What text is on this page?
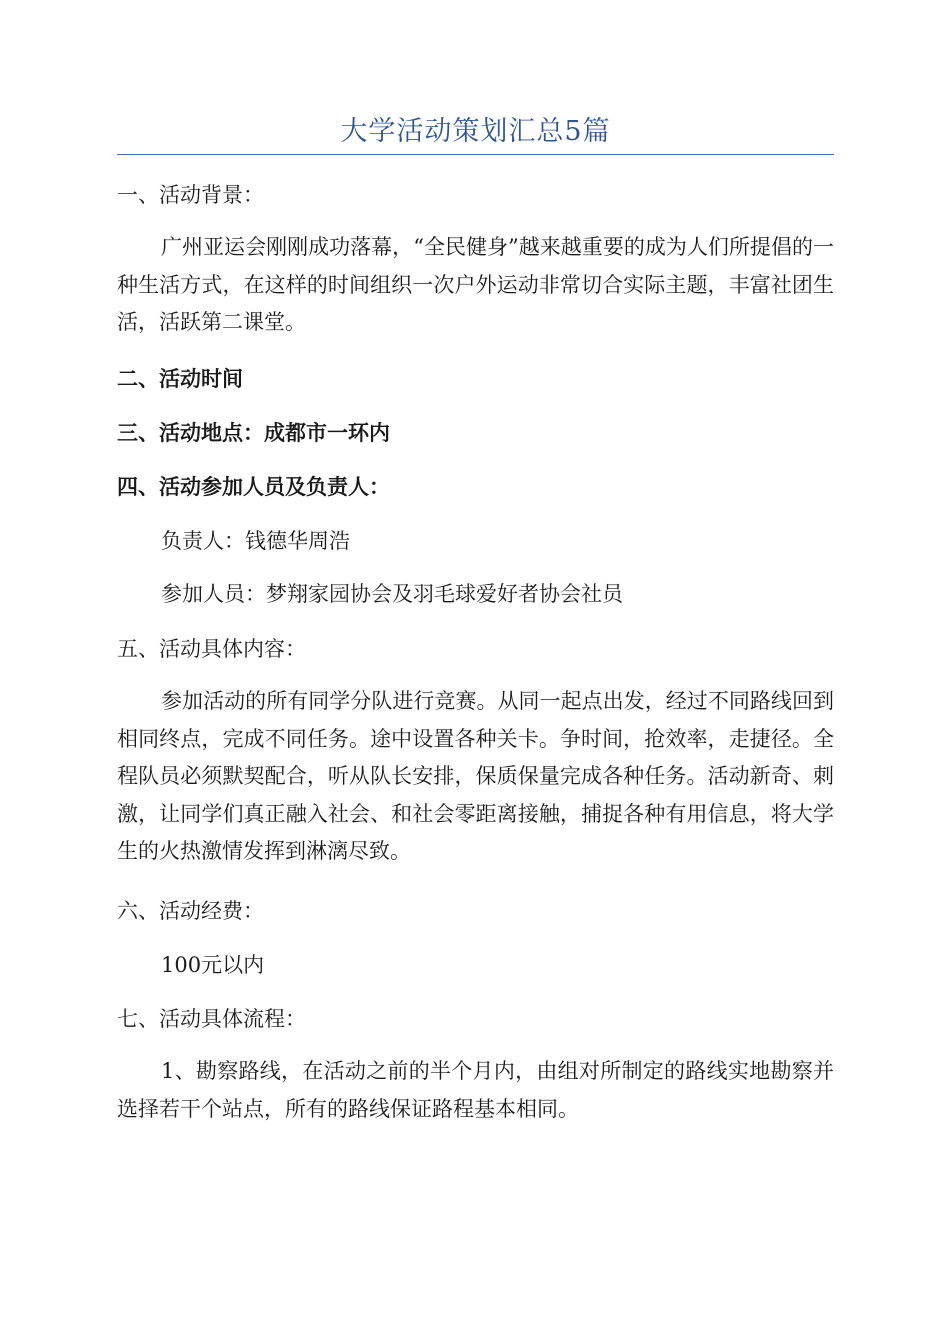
大学活动策划汇总5篇
一、活动背景：
广州亚运会刚刚成功落幕，“全民健身”越来越重要的成为人们所提倡的一种生活方式，在这样的时间组织一次户外运动非常切合实际主题，丰富社团生活，活跃第二课堂。
二、活动时间
三、活动地点：成都市一环内
四、活动参加人员及负责人：
负责人：钱德华周浩
参加人员：梦翔家园协会及羽毛球爱好者协会社员
五、活动具体内容：
参加活动的所有同学分队进行竞赛。从同一起点出发，经过不同路线回到相同终点，完成不同任务。途中设置各种关卡。争时间，抢效率，走捷径。全程队员必须默契配合，听从队长安排，保质保量完成各种任务。活动新奇、刺激，让同学们真正融入社会、和社会零距离接触，捕捉各种有用信息，将大学生的火热激情发挥到淋漓尽致。
六、活动经费：
100元以内
七、活动具体流程：
1、勘察路线，在活动之前的半个月内，由组对所制定的路线实地勘察并选择若干个站点，所有的路线保证路程基本相同。
